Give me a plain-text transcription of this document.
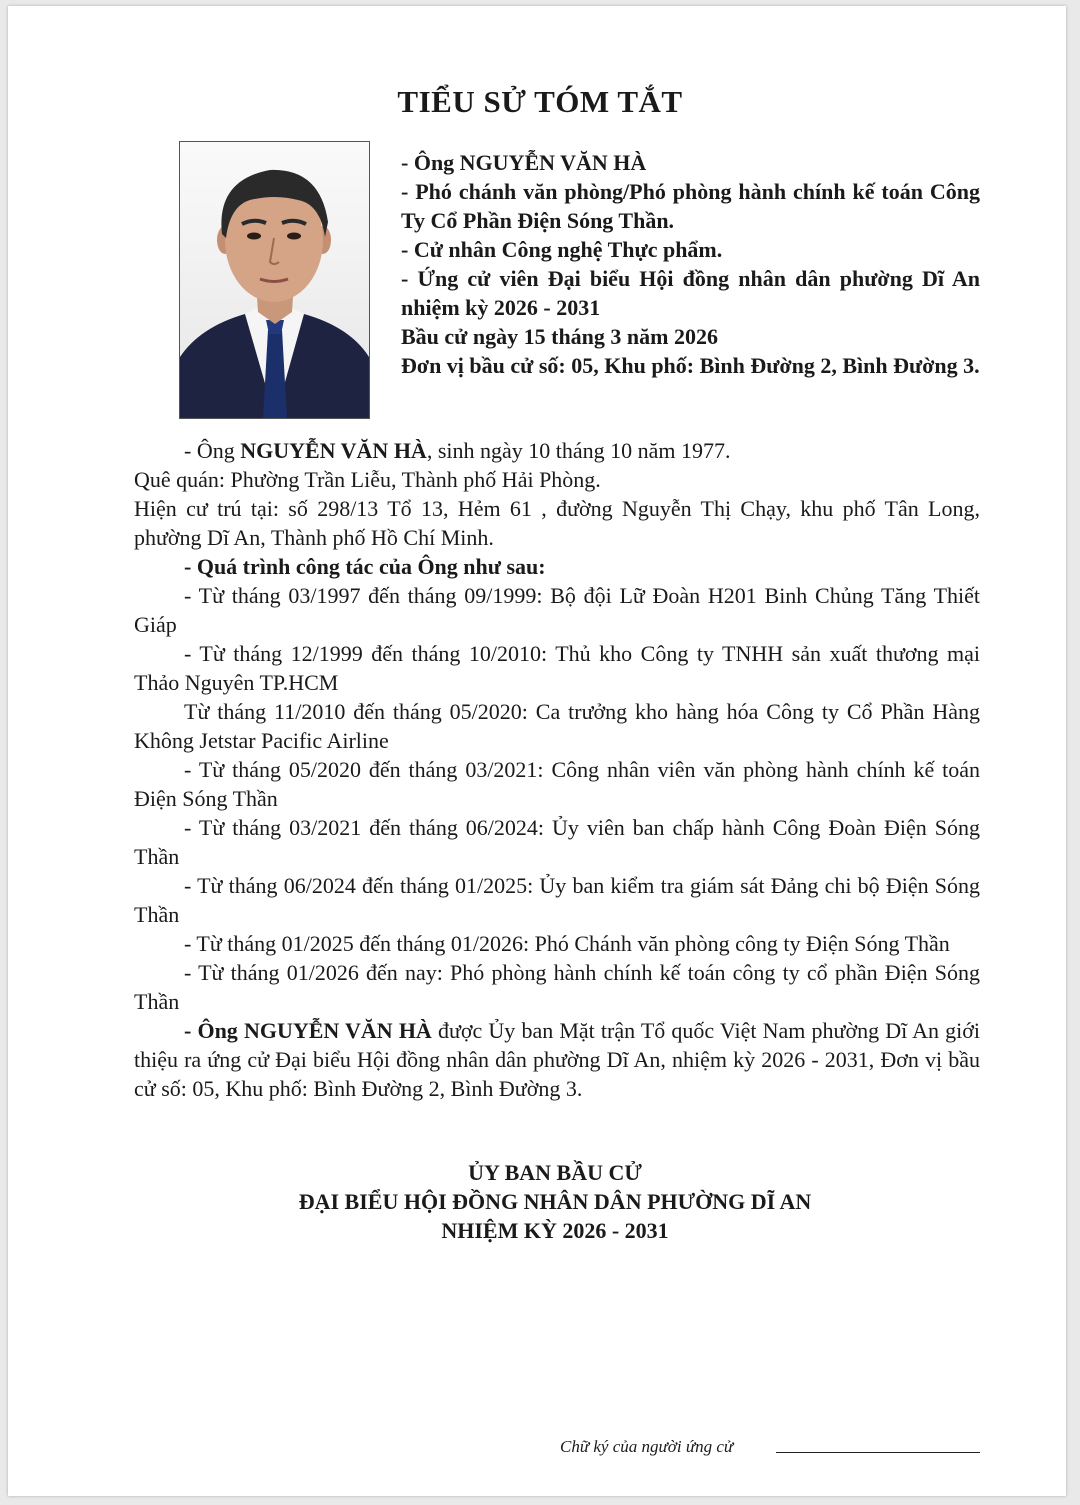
TIỂU SỬ TÓM TẮT
- Ông NGUYỄN VĂN HÀ
- Phó chánh văn phòng/Phó phòng hành chính kế toán Công Ty Cổ Phần Điện Sóng Thần.
- Cử nhân Công nghệ Thực phẩm.
- Ứng cử viên Đại biểu Hội đồng nhân dân phường Dĩ An nhiệm kỳ 2026 - 2031
Bầu cử ngày 15 tháng 3 năm 2026
Đơn vị bầu cử số: 05, Khu phố: Bình Đường 2, Bình Đường 3.
- Ông NGUYỄN VĂN HÀ, sinh ngày 10 tháng 10 năm 1977.
Quê quán: Phường Trần Liễu, Thành phố Hải Phòng.
Hiện cư trú tại: số 298/13 Tổ 13, Hẻm 61 , đường Nguyễn Thị Chạy, khu phố Tân Long, phường Dĩ An, Thành phố Hồ Chí Minh.
- Quá trình công tác của Ông như sau:
- Từ tháng 03/1997 đến tháng 09/1999: Bộ đội Lữ Đoàn H201 Binh Chủng Tăng Thiết Giáp
- Từ tháng 12/1999 đến tháng 10/2010: Thủ kho Công ty TNHH sản xuất thương mại Thảo Nguyên TP.HCM
Từ tháng 11/2010 đến tháng 05/2020: Ca trưởng kho hàng hóa Công ty Cổ Phần Hàng Không Jetstar Pacific Airline
- Từ tháng 05/2020 đến tháng 03/2021: Công nhân viên văn phòng hành chính kế toán Điện Sóng Thần
- Từ tháng 03/2021 đến tháng 06/2024: Ủy viên ban chấp hành Công Đoàn Điện Sóng Thần
- Từ tháng 06/2024 đến tháng 01/2025: Ủy ban kiểm tra giám sát Đảng chi bộ Điện Sóng Thần
- Từ tháng 01/2025 đến tháng 01/2026: Phó Chánh văn phòng công ty Điện Sóng Thần
- Từ tháng 01/2026 đến nay: Phó phòng hành chính kế toán công ty cổ phần Điện Sóng Thần
- Ông NGUYỄN VĂN HÀ được Ủy ban Mặt trận Tổ quốc Việt Nam phường Dĩ An giới thiệu ra ứng cử Đại biểu Hội đồng nhân dân phường Dĩ An, nhiệm kỳ 2026 - 2031, Đơn vị bầu cử số: 05, Khu phố: Bình Đường 2, Bình Đường 3.
ỦY BAN BẦU CỬ
ĐẠI BIỂU HỘI ĐỒNG NHÂN DÂN PHƯỜNG DĨ AN
NHIỆM KỲ 2026 - 2031
Chữ ký của người ứng cử
